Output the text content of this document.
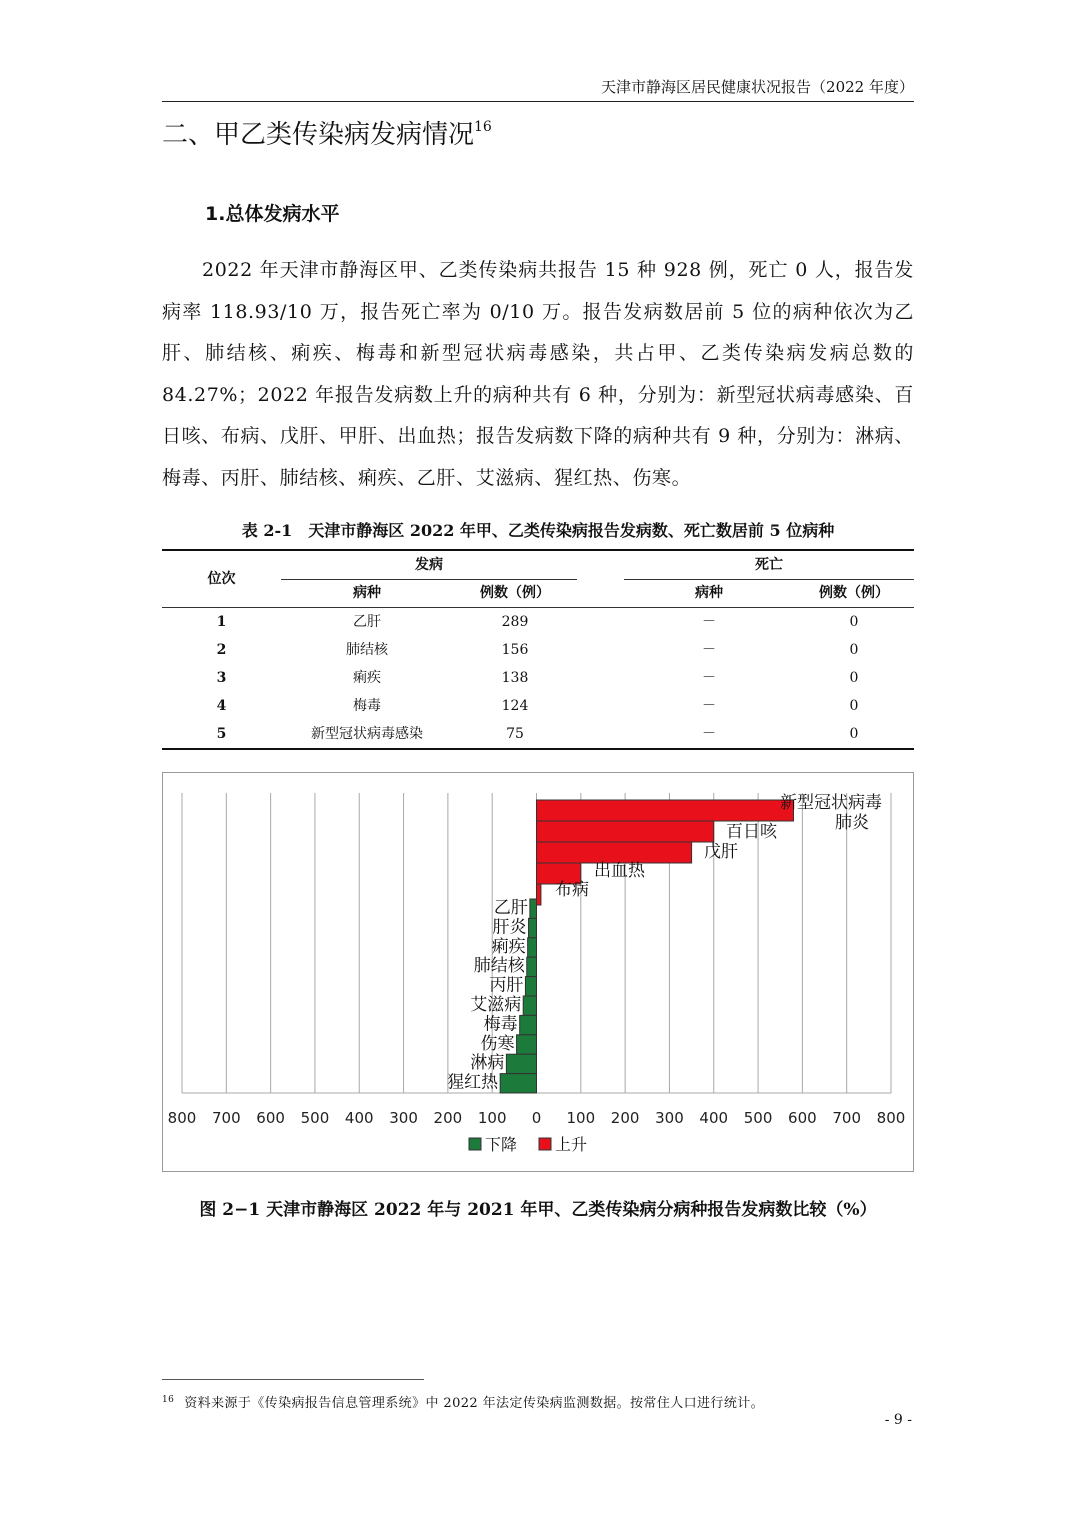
天津市静海区居民健康状况报告（2022 年度）
二、甲乙类传染病发病情况$^{16}$
1.总体发病水平
2022 年天津市静海区甲、乙类传染病共报告 15 种 928 例，死亡 0 人，报告发病率 118.93/10 万，报告死亡率为 0/10 万。报告发病数居前 5 位的病种依次为乙肝、肺结核、痢疾、梅毒和新型冠状病毒感染，共占甲、乙类传染病发病总数的 84.27%；2022 年报告发病数上升的病种共有 6 种，分别为：新型冠状病毒感染、百日咳、布病、戊肝、甲肝、出血热；报告发病数下降的病种共有 9 种，分别为：淋病、梅毒、丙肝、肺结核、痢疾、乙肝、艾滋病、猩红热、伤寒。
表 2-1　天津市静海区 2022 年甲、乙类传染病报告发病数、死亡数居前 5 位病种
位次
发病	死亡
病种	例数（例）	病种	例数（例）
1	乙肝	289	－	0
2	肺结核	156	－	0
3	痢疾	138	－	0
4	梅毒	124	－	0
5	新型冠状病毒感染	75	－	0
800 700 600 500 400 300 200 100 0 100 200 300 400 500 600 700 800
新型冠状病毒
肺炎
百日咳
戊肝
出血热
布病
乙肝
肝炎
痢疾
肺结核
丙肝
艾滋病
梅毒
伤寒
淋病
猩红热
下降 上升
图 2−1 天津市静海区 2022 年与 2021 年甲、乙类传染病分病种报告发病数比较（%）
$^{16}$ 资料来源于《传染病报告信息管理系统》中 2022 年法定传染病监测数据。按常住人口进行统计。
- 9 -
